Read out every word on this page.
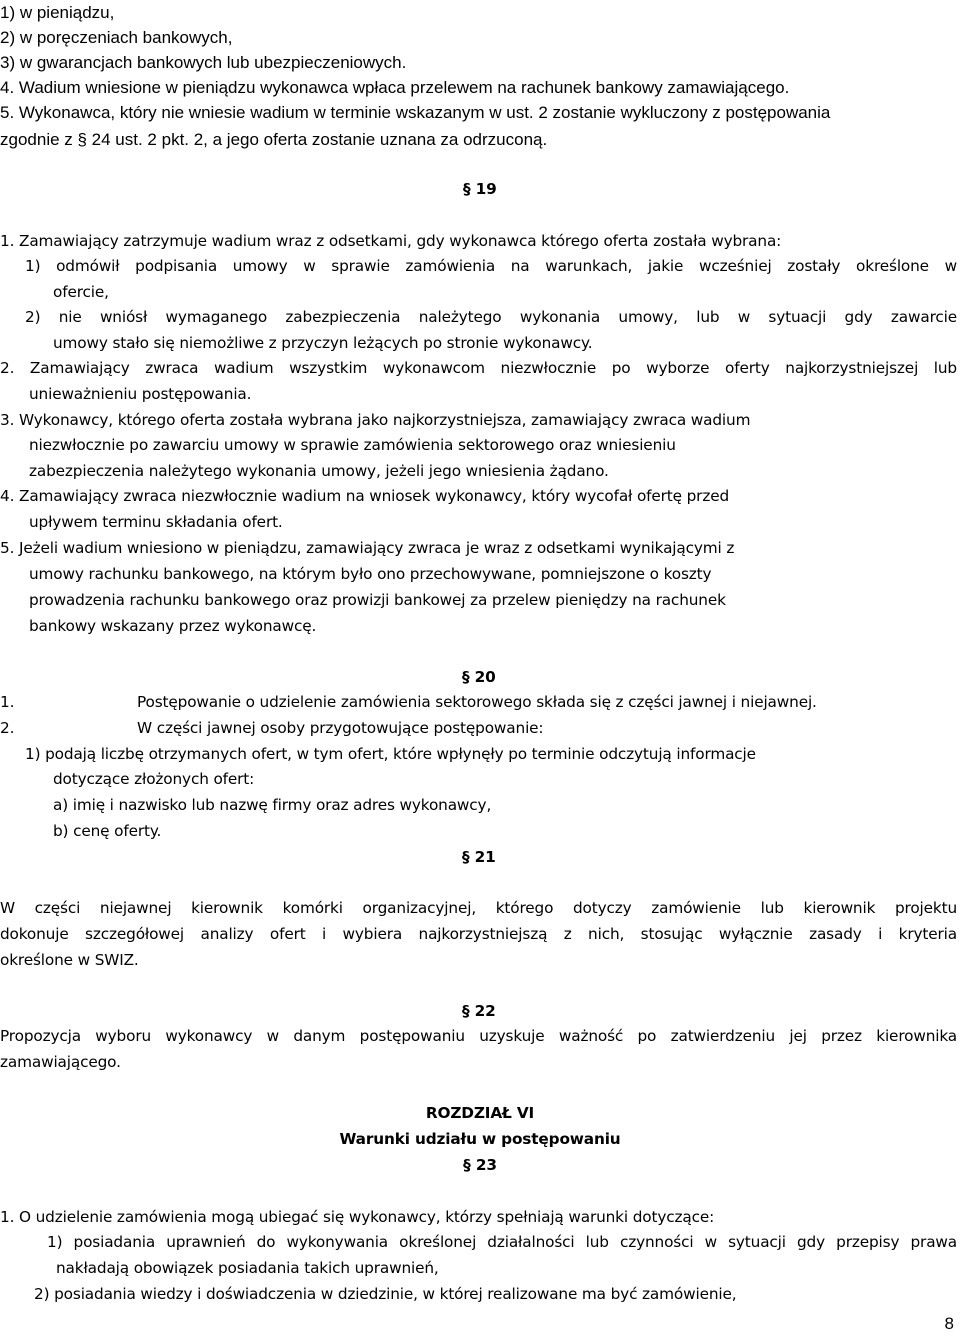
1) w pieniądzu,
2) w poręczeniach bankowych,
3) w gwarancjach bankowych lub ubezpieczeniowych.
4. Wadium wniesione w pieniądzu wykonawca wpłaca przelewem na rachunek bankowy zamawiającego.
5. Wykonawca, który nie wniesie wadium w terminie wskazanym w ust. 2 zostanie wykluczony z postępowania
zgodnie z § 24 ust. 2 pkt. 2, a jego oferta zostanie uznana za odrzuconą.
§ 19
1. Zamawiający zatrzymuje wadium wraz z odsetkami, gdy wykonawca którego oferta została wybrana:
1) odmówił podpisania umowy w sprawie zamówienia na warunkach, jakie wcześniej zostały określone w
ofercie,
2) nie wniósł wymaganego zabezpieczenia należytego wykonania umowy, lub w sytuacji gdy zawarcie
umowy stało się niemożliwe z przyczyn leżących po stronie wykonawcy.
2. Zamawiający zwraca wadium wszystkim wykonawcom niezwłocznie po wyborze oferty najkorzystniejszej lub
unieważnieniu postępowania.
3. Wykonawcy, którego oferta została wybrana jako najkorzystniejsza, zamawiający zwraca wadium
niezwłocznie po zawarciu umowy w sprawie zamówienia sektorowego oraz wniesieniu
zabezpieczenia należytego wykonania umowy, jeżeli jego wniesienia żądano.
4. Zamawiający zwraca niezwłocznie wadium na wniosek wykonawcy, który wycofał ofertę przed
upływem terminu składania ofert.
5. Jeżeli wadium wniesiono w pieniądzu, zamawiający zwraca je wraz z odsetkami wynikającymi z
umowy rachunku bankowego, na którym było ono przechowywane, pomniejszone o koszty
prowadzenia rachunku bankowego oraz prowizji bankowej za przelew pieniędzy na rachunek
bankowy wskazany przez wykonawcę.
§ 20
1.	Postępowanie o udzielenie zamówienia sektorowego składa się z części jawnej i niejawnej.
2.	W części jawnej osoby przygotowujące postępowanie:
1) podają liczbę otrzymanych ofert, w tym ofert, które wpłynęły po terminie odczytują informacje
dotyczące złożonych ofert:
a) imię i nazwisko lub nazwę firmy oraz adres wykonawcy,
b) cenę oferty.
§ 21
W części niejawnej kierownik komórki organizacyjnej, którego dotyczy zamówienie lub kierownik projektu
dokonuje szczegółowej analizy ofert i wybiera najkorzystniejszą z nich, stosując wyłącznie zasady i kryteria
określone w SWIZ.
§ 22
Propozycja wyboru wykonawcy w danym postępowaniu uzyskuje ważność po zatwierdzeniu jej przez kierownika
zamawiającego.
ROZDZIAŁ VI
Warunki udziału w postępowaniu
§ 23
1. O udzielenie zamówienia mogą ubiegać się wykonawcy, którzy spełniają warunki dotyczące:
1) posiadania uprawnień do wykonywania określonej działalności lub czynności w sytuacji gdy przepisy prawa
nakładają obowiązek posiadania takich uprawnień,
2) posiadania wiedzy i doświadczenia w dziedzinie, w której realizowane ma być zamówienie,
8
